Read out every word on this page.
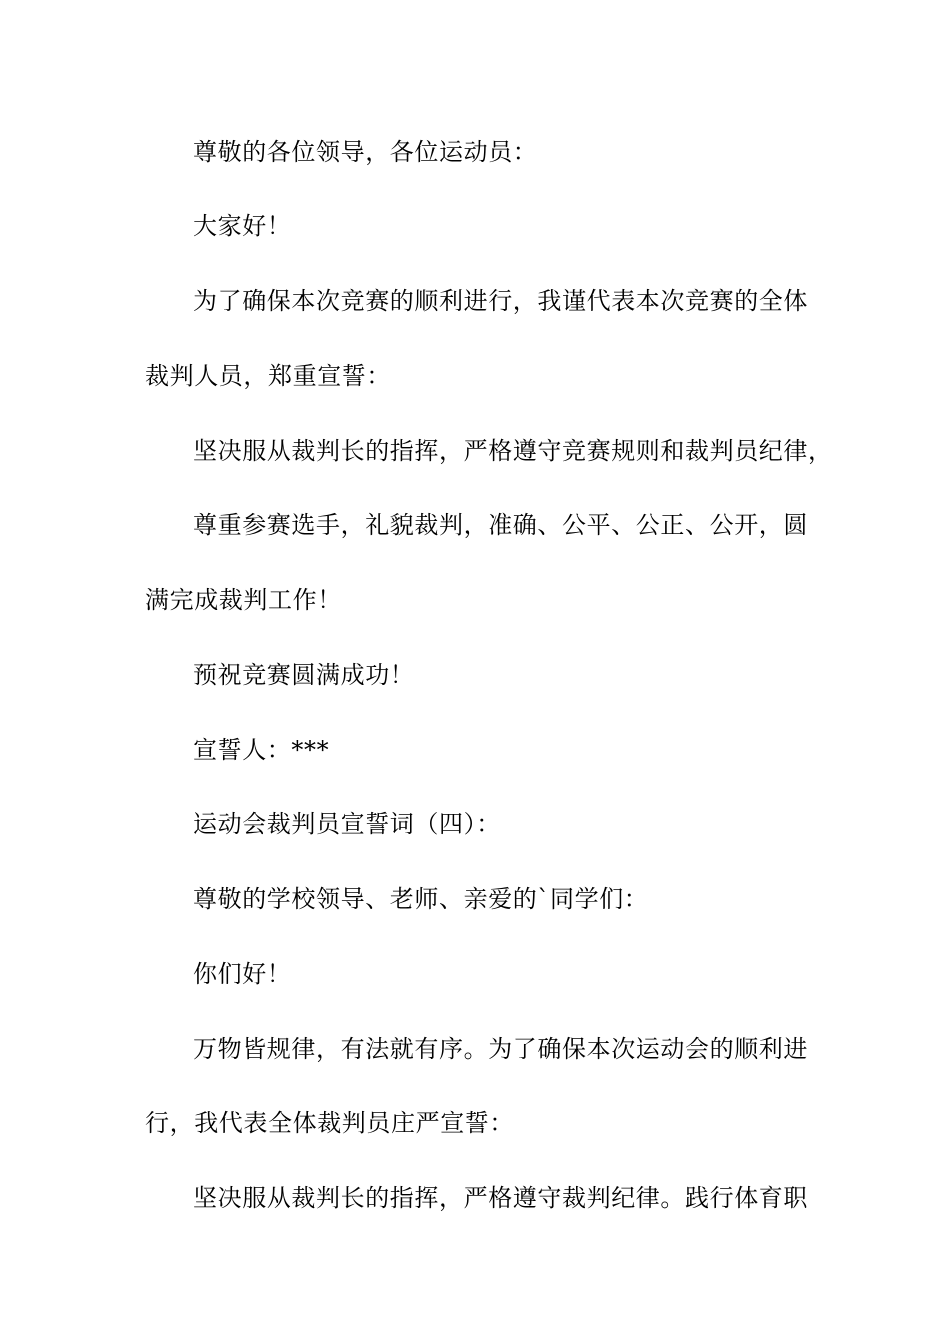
尊敬的各位领导，各位运动员：

大家好！

为了确保本次竞赛的顺利进行，我谨代表本次竞赛的全体

裁判人员，郑重宣誓：

坚决服从裁判长的指挥，严格遵守竞赛规则和裁判员纪律，

尊重参赛选手，礼貌裁判，准确、公平、公正、公开，圆

满完成裁判工作！

预祝竞赛圆满成功！

宣誓人：***

运动会裁判员宣誓词（四）：

尊敬的学校领导、老师、亲爱的`同学们：

你们好！

万物皆规律，有法就有序。为了确保本次运动会的顺利进

行，我代表全体裁判员庄严宣誓：

坚决服从裁判长的指挥，严格遵守裁判纪律。践行体育职
